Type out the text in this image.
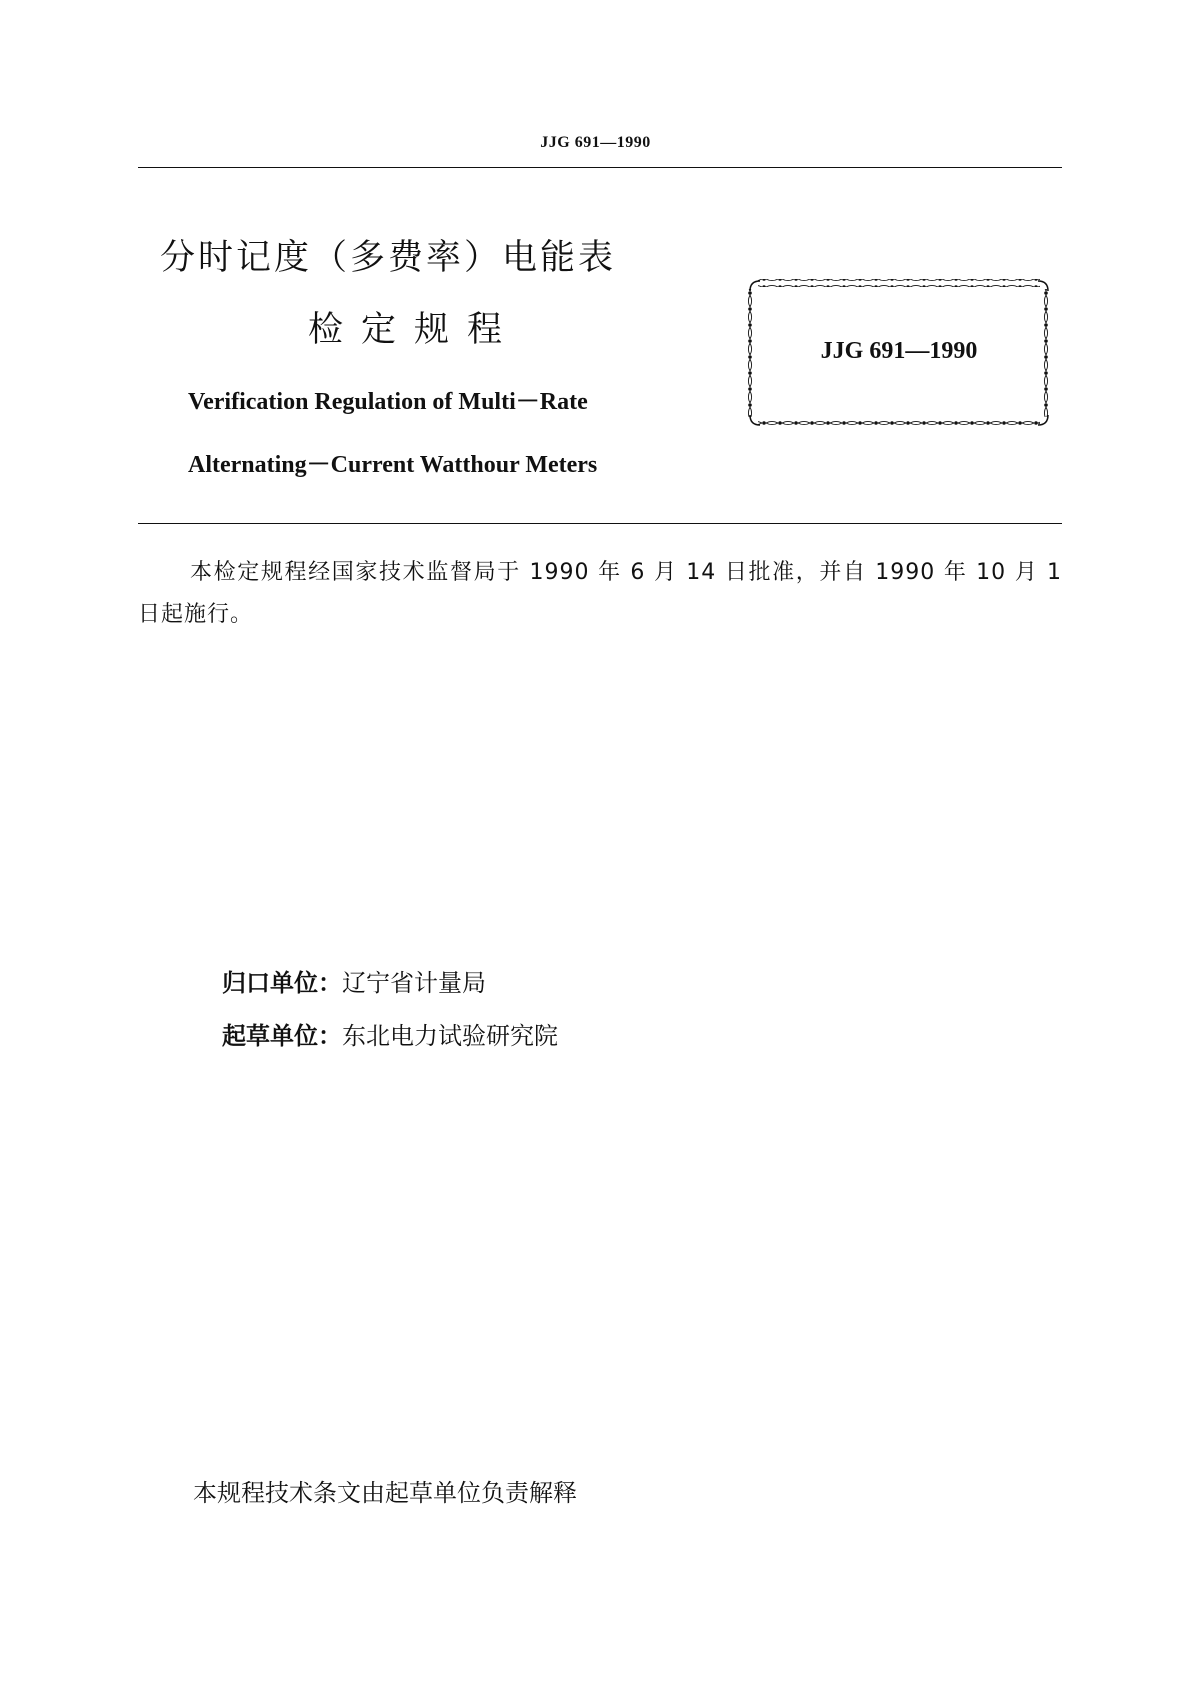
JJG 691—1990
分时记度（多费率）电能表
检定规程
Verification Regulation of Multi－Rate
Alternating－Current Watthour Meters
JJG 691—1990
本检定规程经国家技术监督局于 1990 年 6 月 14 日批准，并自 1990 年 10 月 1 日起施行。
归口单位：辽宁省计量局
起草单位：东北电力试验研究院
本规程技术条文由起草单位负责解释
